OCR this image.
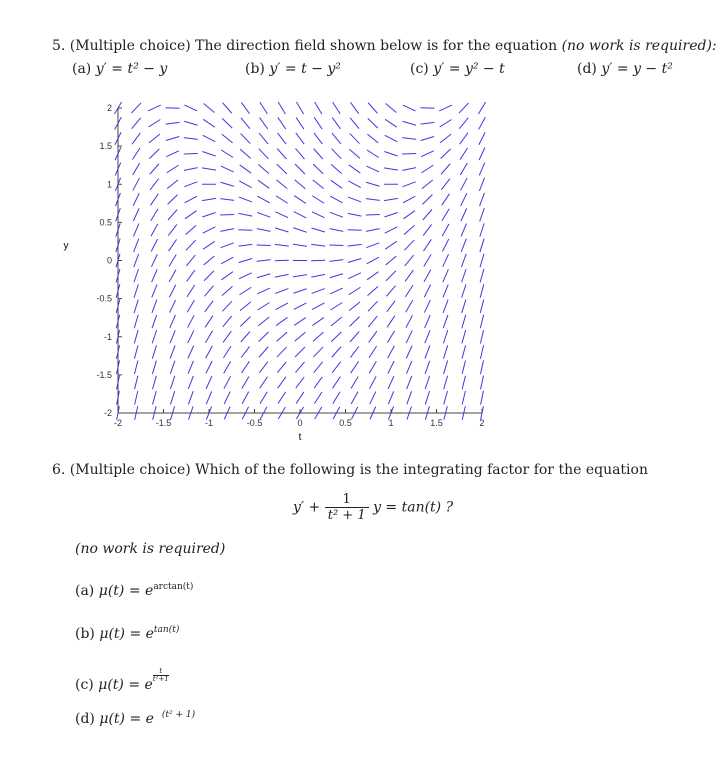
5. (Multiple choice) The direction field shown below is for the equation (no work is required):
(a) y′ = t² − y	(b) y′ = t − y²	(c) y′ = y² − t	(d) y′ = y − t²
-2	-1.5	-1	-0.5	0	0.5	1	1.5	2
2
1.5
1
0.5
0
-0.5
-1
-1.5
-2
t
y
6. (Multiple choice) Which of the following is the integrating factor for the equation
$y' + \frac{1}{\text{t² + 1}}$ y = tan(t) ?
(no work is required)
(a) $\mu(t) = e^{arctan(t)}$
(b) $\mu(t) = e^{tan(t)}$
(c) μ(t) = e
$^{\frac{t}{\text{t²+1}}}$
(d) μ(t) = e $^{(t^2 + 1)}$
